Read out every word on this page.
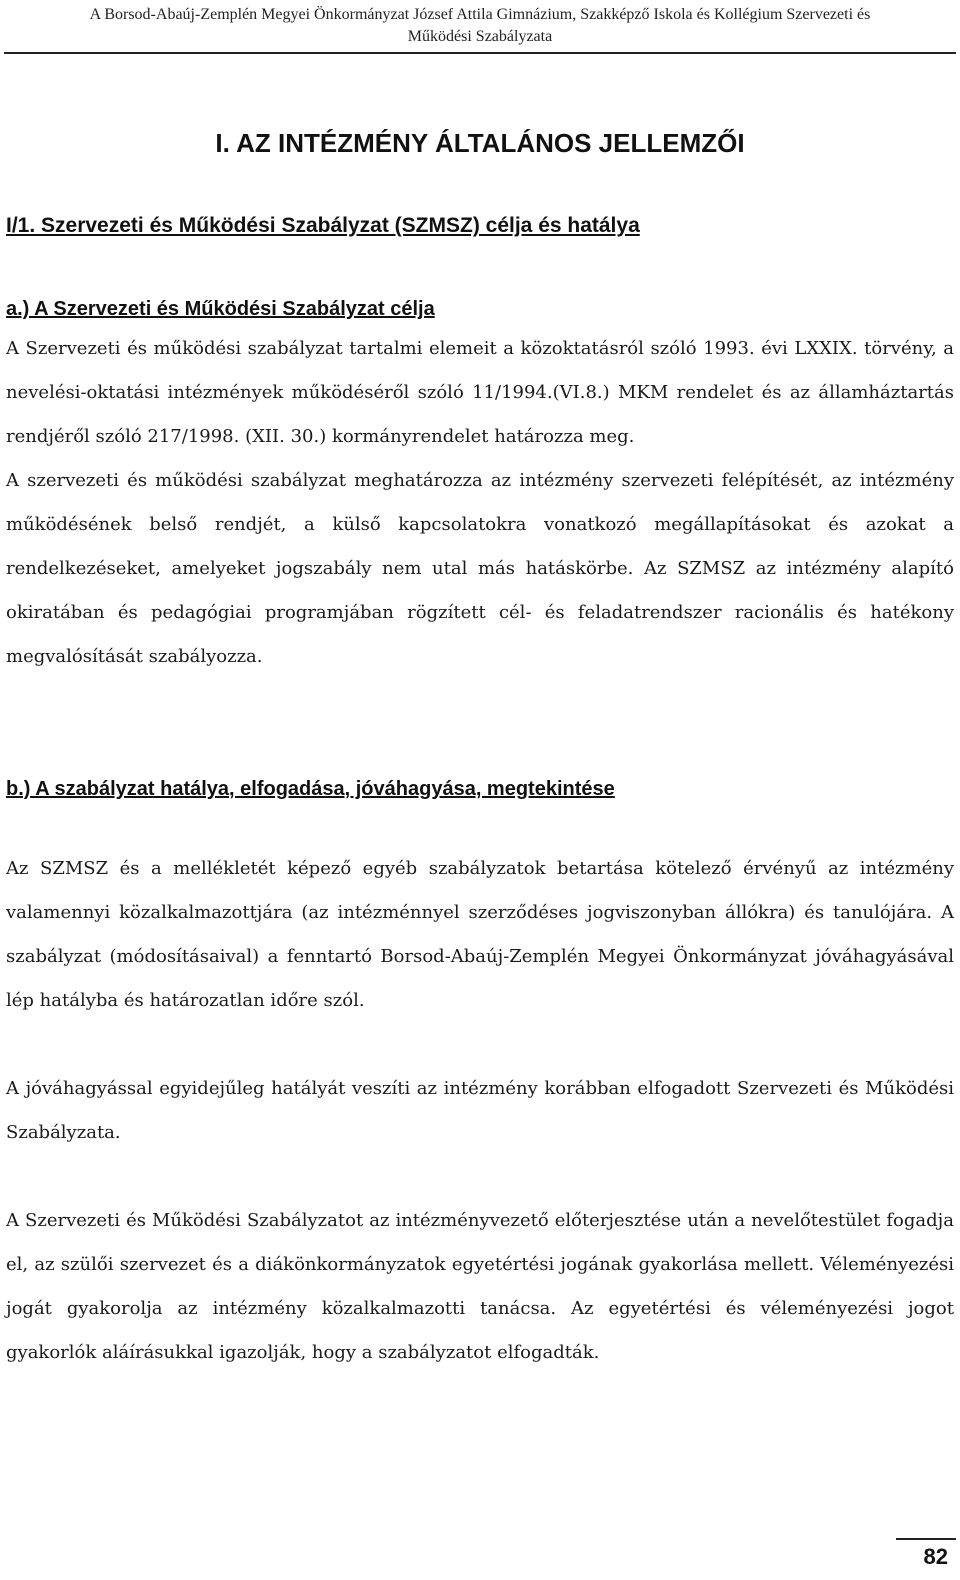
A Borsod-Abaúj-Zemplén Megyei Önkormányzat József Attila Gimnázium, Szakképző Iskola és Kollégium Szervezeti és
Működési Szabályzata
I. AZ INTÉZMÉNY ÁLTALÁNOS JELLEMZŐI
I/1. Szervezeti és Működési Szabályzat (SZMSZ) célja és hatálya
a.) A Szervezeti és Működési Szabályzat célja

A Szervezeti és működési szabályzat tartalmi elemeit a közoktatásról szóló 1993. évi LXXIX. törvény, a nevelési-oktatási intézmények működéséről szóló 11/1994.(VI.8.) MKM rendelet és az államháztartás rendjéről szóló 217/1998. (XII. 30.) kormányrendelet határozza meg.

A szervezeti és működési szabályzat meghatározza az intézmény szervezeti felépítését, az intézmény működésének belső rendjét, a külső kapcsolatokra vonatkozó megállapításokat és azokat a rendelkezéseket, amelyeket jogszabály nem utal más hatáskörbe. Az SZMSZ az intézmény alapító okiratában és pedagógiai programjában rögzített cél- és feladatrendszer racionális és hatékony megvalósítását szabályozza.

b.) A szabályzat hatálya, elfogadása, jóváhagyása, megtekintése

Az SZMSZ és a mellékletét képező egyéb szabályzatok betartása kötelező érvényű az intézmény valamennyi közalkalmazottjára (az intézménnyel szerződéses jogviszonyban állókra) és tanulójára. A szabályzat (módosításaival) a fenntartó Borsod-Abaúj-Zemplén Megyei Önkormányzat jóváhagyásával lép hatályba és határozatlan időre szól.

A jóváhagyással egyidejűleg hatályát veszíti az intézmény korábban elfogadott Szervezeti és Működési Szabályzata.

A Szervezeti és Működési Szabályzatot az intézményvezető előterjesztése után a nevelőtestület fogadja el, az szülői szervezet és a diákönkormányzatok egyetértési jogának gyakorlása mellett. Véleményezési jogát gyakorolja az intézmény közalkalmazotti tanácsa. Az egyetértési és véleményezési jogot gyakorlók aláírásukkal igazolják, hogy a szabályzatot elfogadták.

82
